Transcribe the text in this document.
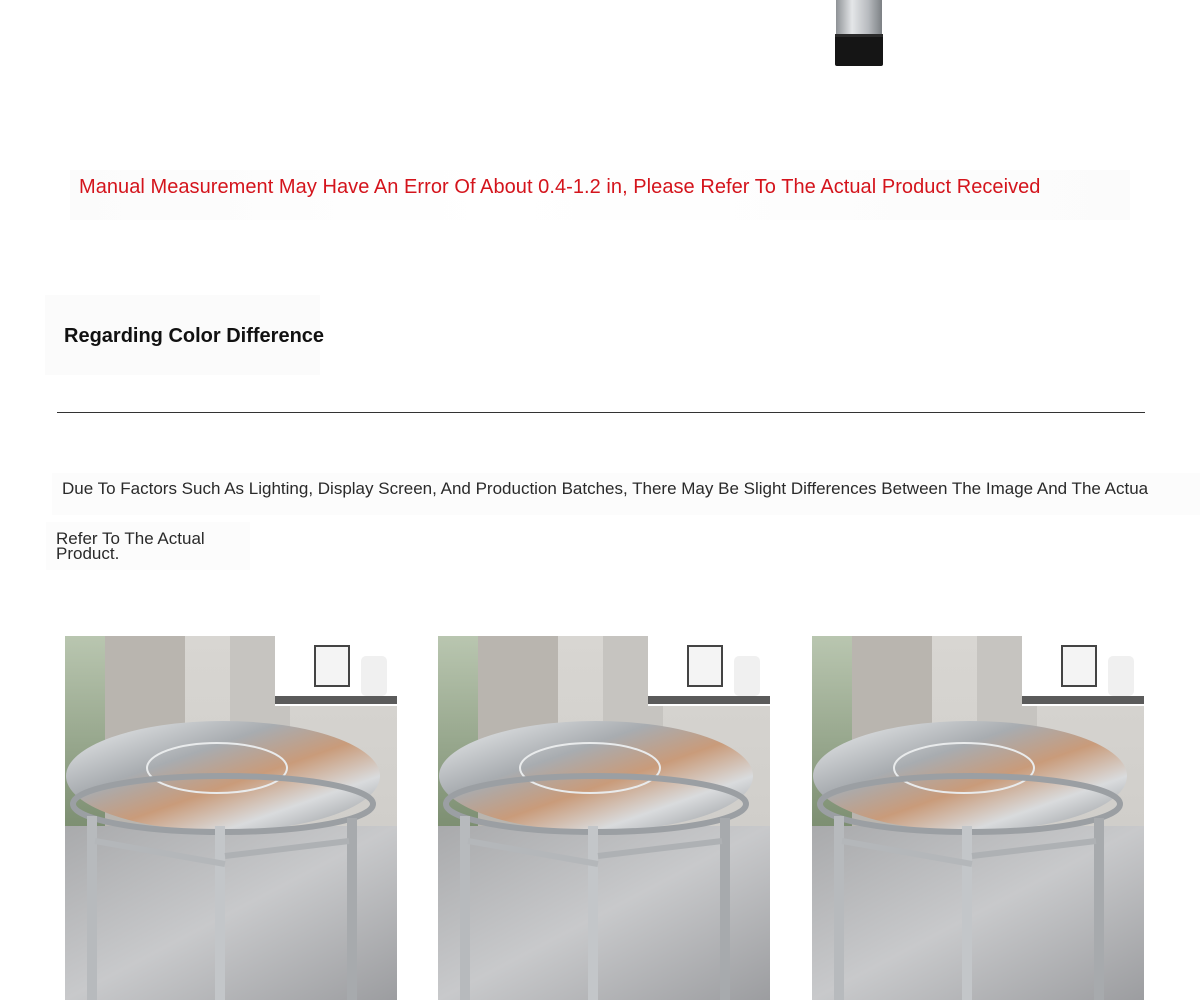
Manual Measurement May Have An Error Of About 0.4-1.2 in, Please Refer To The Actual Product Received
Regarding Color Difference
Due To Factors Such As Lighting, Display Screen, And Production Batches, There May Be Slight Differences Between The Image And The Actua
Refer To The Actual Product.
